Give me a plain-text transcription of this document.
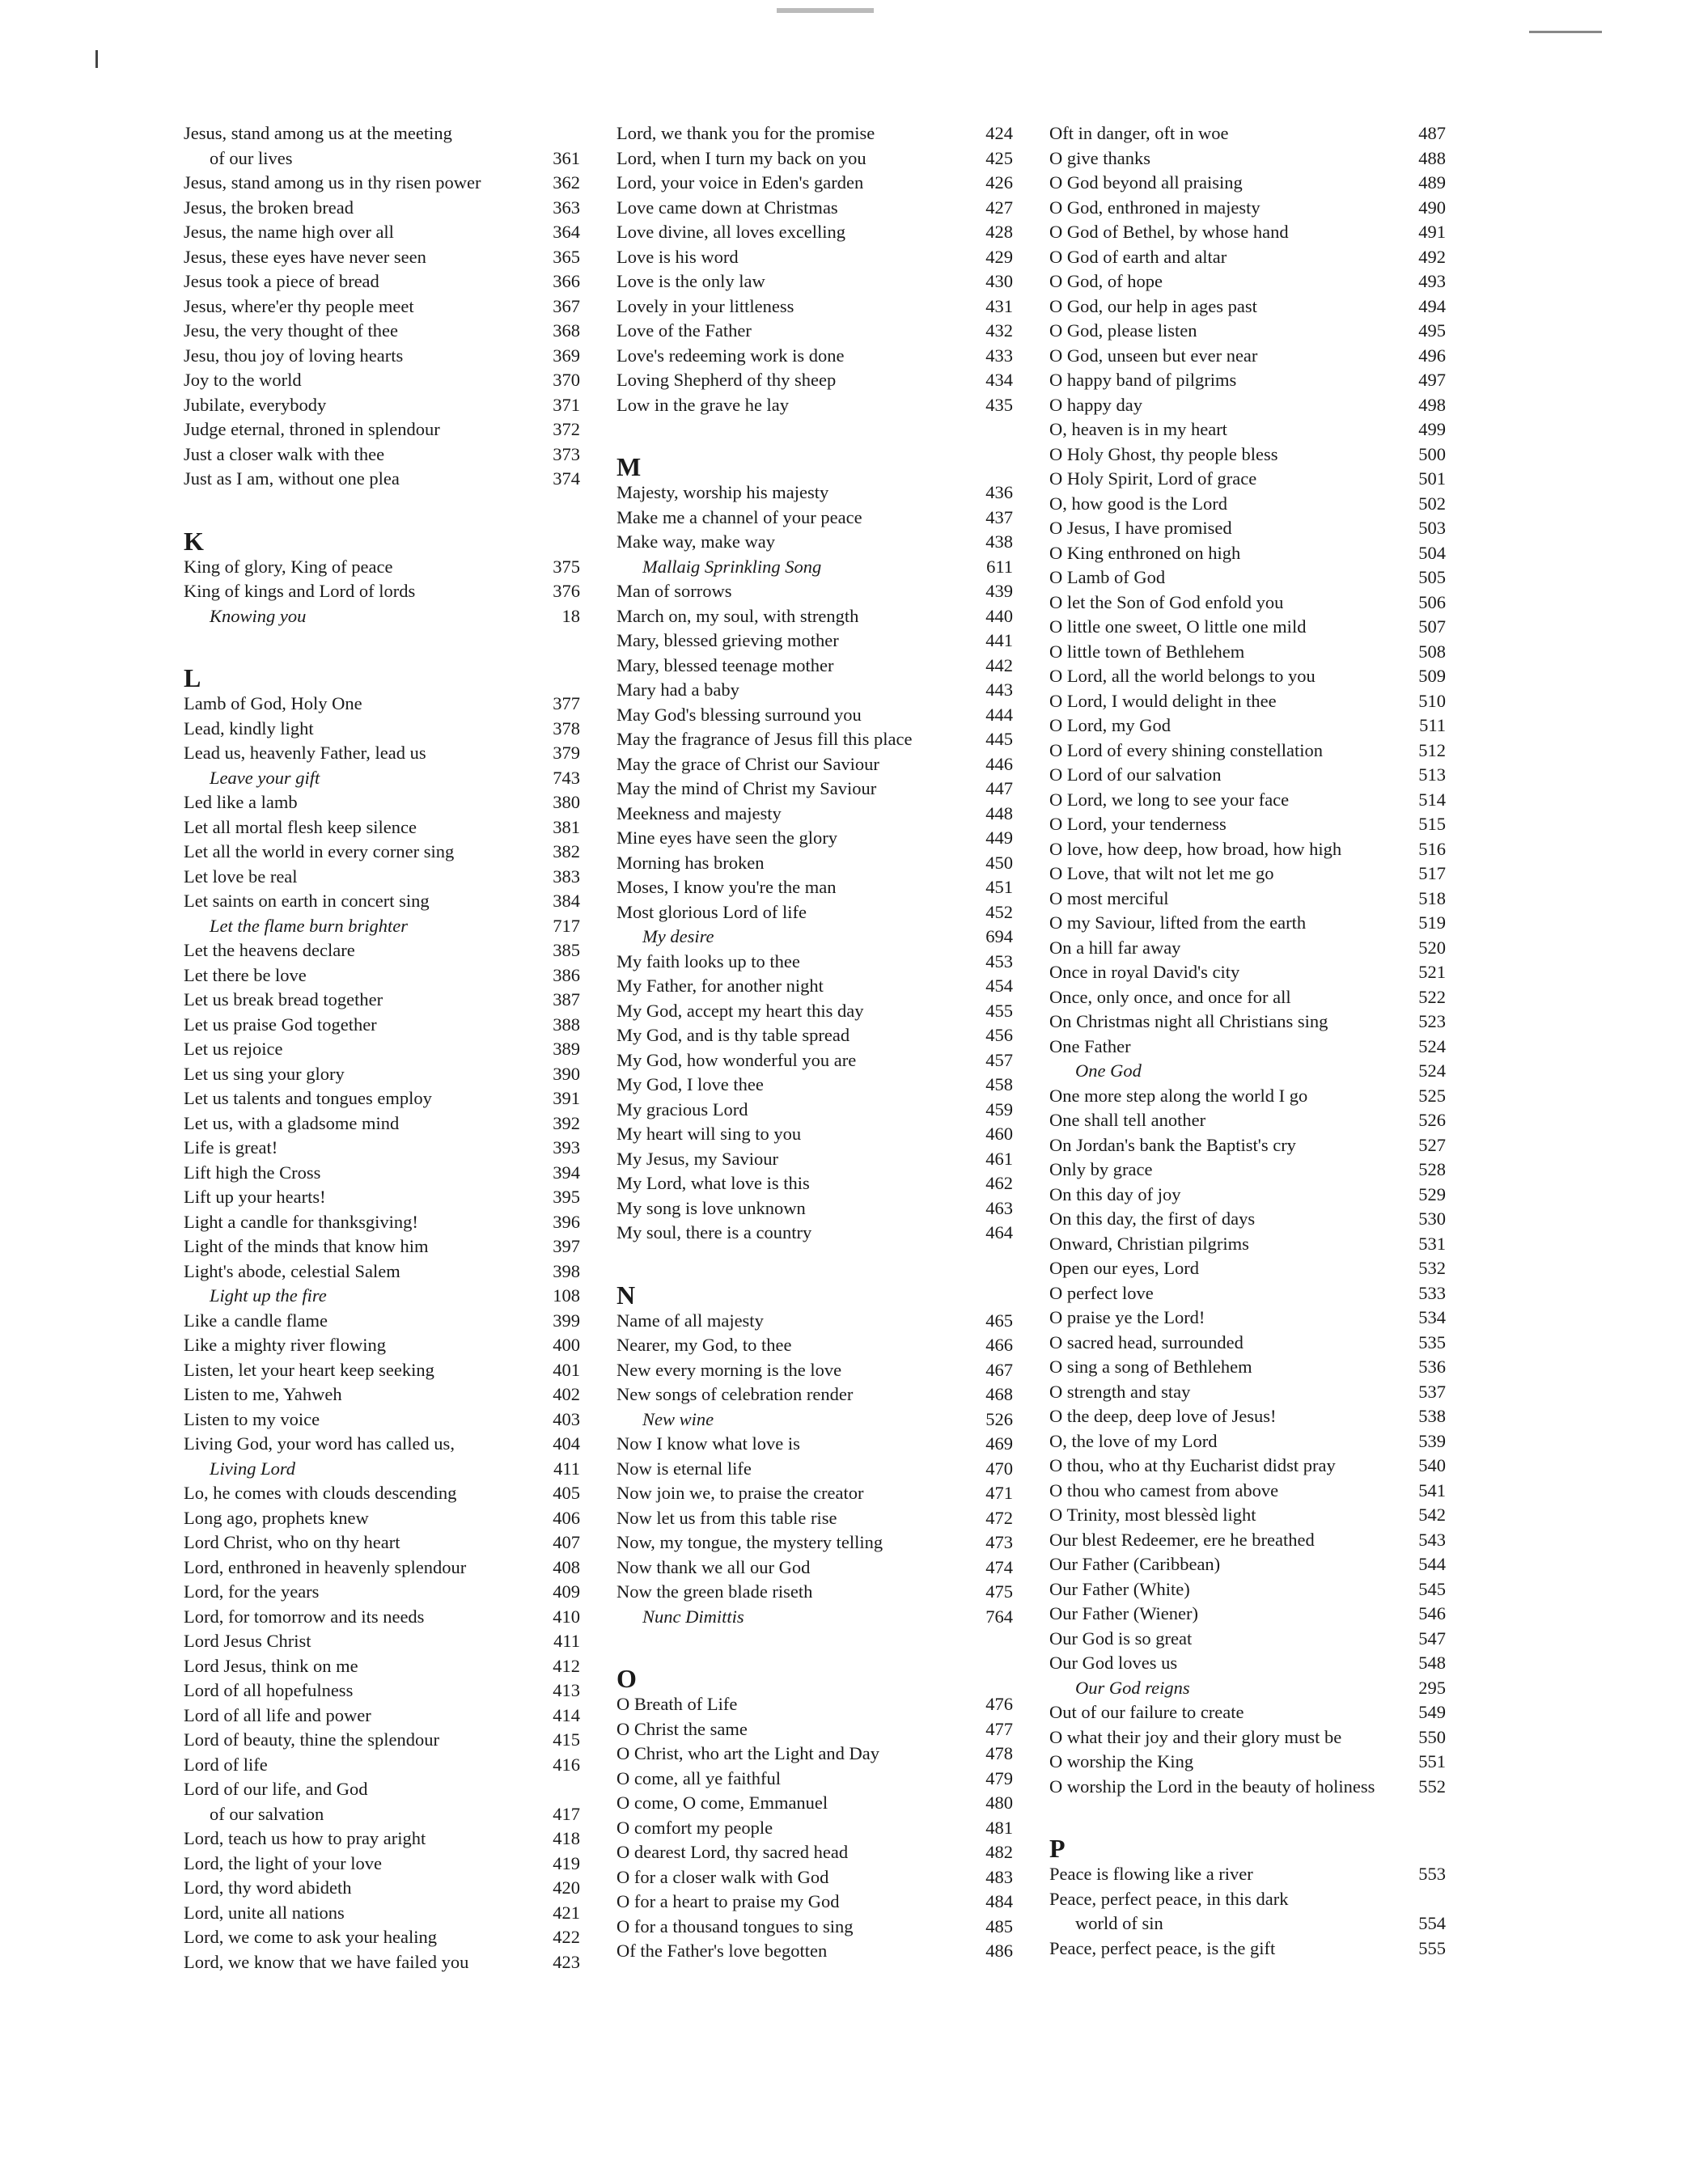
Jesus, stand among us at the meeting
of our lives	361
Jesus, stand among us in thy risen power	362
Jesus, the broken bread	363
Jesus, the name high over all	364
Jesus, these eyes have never seen	365
Jesus took a piece of bread	366
Jesus, where'er thy people meet	367
Jesu, the very thought of thee	368
Jesu, thou joy of loving hearts	369
Joy to the world	370
Jubilate, everybody	371
Judge eternal, throned in splendour	372
Just a closer walk with thee	373
Just as I am, without one plea	374
K
King of glory, King of peace	375
King of kings and Lord of lords	376
Knowing you	18
L
Lamb of God, Holy One	377
Lead, kindly light	378
Lead us, heavenly Father, lead us	379
Leave your gift	743
Led like a lamb	380
Let all mortal flesh keep silence	381
Let all the world in every corner sing	382
Let love be real	383
Let saints on earth in concert sing	384
Let the flame burn brighter	717
Let the heavens declare	385
Let there be love	386
Let us break bread together	387
Let us praise God together	388
Let us rejoice	389
Let us sing your glory	390
Let us talents and tongues employ	391
Let us, with a gladsome mind	392
Life is great!	393
Lift high the Cross	394
Lift up your hearts!	395
Light a candle for thanksgiving!	396
Light of the minds that know him	397
Light's abode, celestial Salem	398
Light up the fire	108
Like a candle flame	399
Like a mighty river flowing	400
Listen, let your heart keep seeking	401
Listen to me, Yahweh	402
Listen to my voice	403
Living God, your word has called us,	404
Living Lord	411
Lo, he comes with clouds descending	405
Long ago, prophets knew	406
Lord Christ, who on thy heart	407
Lord, enthroned in heavenly splendour	408
Lord, for the years	409
Lord, for tomorrow and its needs	410
Lord Jesus Christ	411
Lord Jesus, think on me	412
Lord of all hopefulness	413
Lord of all life and power	414
Lord of beauty, thine the splendour	415
Lord of life	416
Lord of our life, and God
of our salvation	417
Lord, teach us how to pray aright	418
Lord, the light of your love	419
Lord, thy word abideth	420
Lord, unite all nations	421
Lord, we come to ask your healing	422
Lord, we know that we have failed you	423
Lord, we thank you for the promise	424
Lord, when I turn my back on you	425
Lord, your voice in Eden's garden	426
Love came down at Christmas	427
Love divine, all loves excelling	428
Love is his word	429
Love is the only law	430
Lovely in your littleness	431
Love of the Father	432
Love's redeeming work is done	433
Loving Shepherd of thy sheep	434
Low in the grave he lay	435
M
Majesty, worship his majesty	436
Make me a channel of your peace	437
Make way, make way	438
Mallaig Sprinkling Song	611
Man of sorrows	439
March on, my soul, with strength	440
Mary, blessed grieving mother	441
Mary, blessed teenage mother	442
Mary had a baby	443
May God's blessing surround you	444
May the fragrance of Jesus fill this place	445
May the grace of Christ our Saviour	446
May the mind of Christ my Saviour	447
Meekness and majesty	448
Mine eyes have seen the glory	449
Morning has broken	450
Moses, I know you're the man	451
Most glorious Lord of life	452
My desire	694
My faith looks up to thee	453
My Father, for another night	454
My God, accept my heart this day	455
My God, and is thy table spread	456
My God, how wonderful you are	457
My God, I love thee	458
My gracious Lord	459
My heart will sing to you	460
My Jesus, my Saviour	461
My Lord, what love is this	462
My song is love unknown	463
My soul, there is a country	464
N
Name of all majesty	465
Nearer, my God, to thee	466
New every morning is the love	467
New songs of celebration render	468
New wine	526
Now I know what love is	469
Now is eternal life	470
Now join we, to praise the creator	471
Now let us from this table rise	472
Now, my tongue, the mystery telling	473
Now thank we all our God	474
Now the green blade riseth	475
Nunc Dimittis	764
O
O Breath of Life	476
O Christ the same	477
O Christ, who art the Light and Day	478
O come, all ye faithful	479
O come, O come, Emmanuel	480
O comfort my people	481
O dearest Lord, thy sacred head	482
O for a closer walk with God	483
O for a heart to praise my God	484
O for a thousand tongues to sing	485
Of the Father's love begotten	486
Oft in danger, oft in woe	487
O give thanks	488
O God beyond all praising	489
O God, enthroned in majesty	490
O God of Bethel, by whose hand	491
O God of earth and altar	492
O God, of hope	493
O God, our help in ages past	494
O God, please listen	495
O God, unseen but ever near	496
O happy band of pilgrims	497
O happy day	498
O, heaven is in my heart	499
O Holy Ghost, thy people bless	500
O Holy Spirit, Lord of grace	501
O, how good is the Lord	502
O Jesus, I have promised	503
O King enthroned on high	504
O Lamb of God	505
O let the Son of God enfold you	506
O little one sweet, O little one mild	507
O little town of Bethlehem	508
O Lord, all the world belongs to you	509
O Lord, I would delight in thee	510
O Lord, my God	511
O Lord of every shining constellation	512
O Lord of our salvation	513
O Lord, we long to see your face	514
O Lord, your tenderness	515
O love, how deep, how broad, how high	516
O Love, that wilt not let me go	517
O most merciful	518
O my Saviour, lifted from the earth	519
On a hill far away	520
Once in royal David's city	521
Once, only once, and once for all	522
On Christmas night all Christians sing	523
One Father	524
One God	524
One more step along the world I go	525
One shall tell another	526
On Jordan's bank the Baptist's cry	527
Only by grace	528
On this day of joy	529
On this day, the first of days	530
Onward, Christian pilgrims	531
Open our eyes, Lord	532
O perfect love	533
O praise ye the Lord!	534
O sacred head, surrounded	535
O sing a song of Bethlehem	536
O strength and stay	537
O the deep, deep love of Jesus!	538
O, the love of my Lord	539
O thou, who at thy Eucharist didst pray	540
O thou who camest from above	541
O Trinity, most blessèd light	542
Our blest Redeemer, ere he breathed	543
Our Father (Caribbean)	544
Our Father (White)	545
Our Father (Wiener)	546
Our God is so great	547
Our God loves us	548
Our God reigns	295
Out of our failure to create	549
O what their joy and their glory must be	550
O worship the King	551
O worship the Lord in the beauty of holiness 552
P
Peace is flowing like a river	553
Peace, perfect peace, in this dark
world of sin	554
Peace, perfect peace, is the gift	555
